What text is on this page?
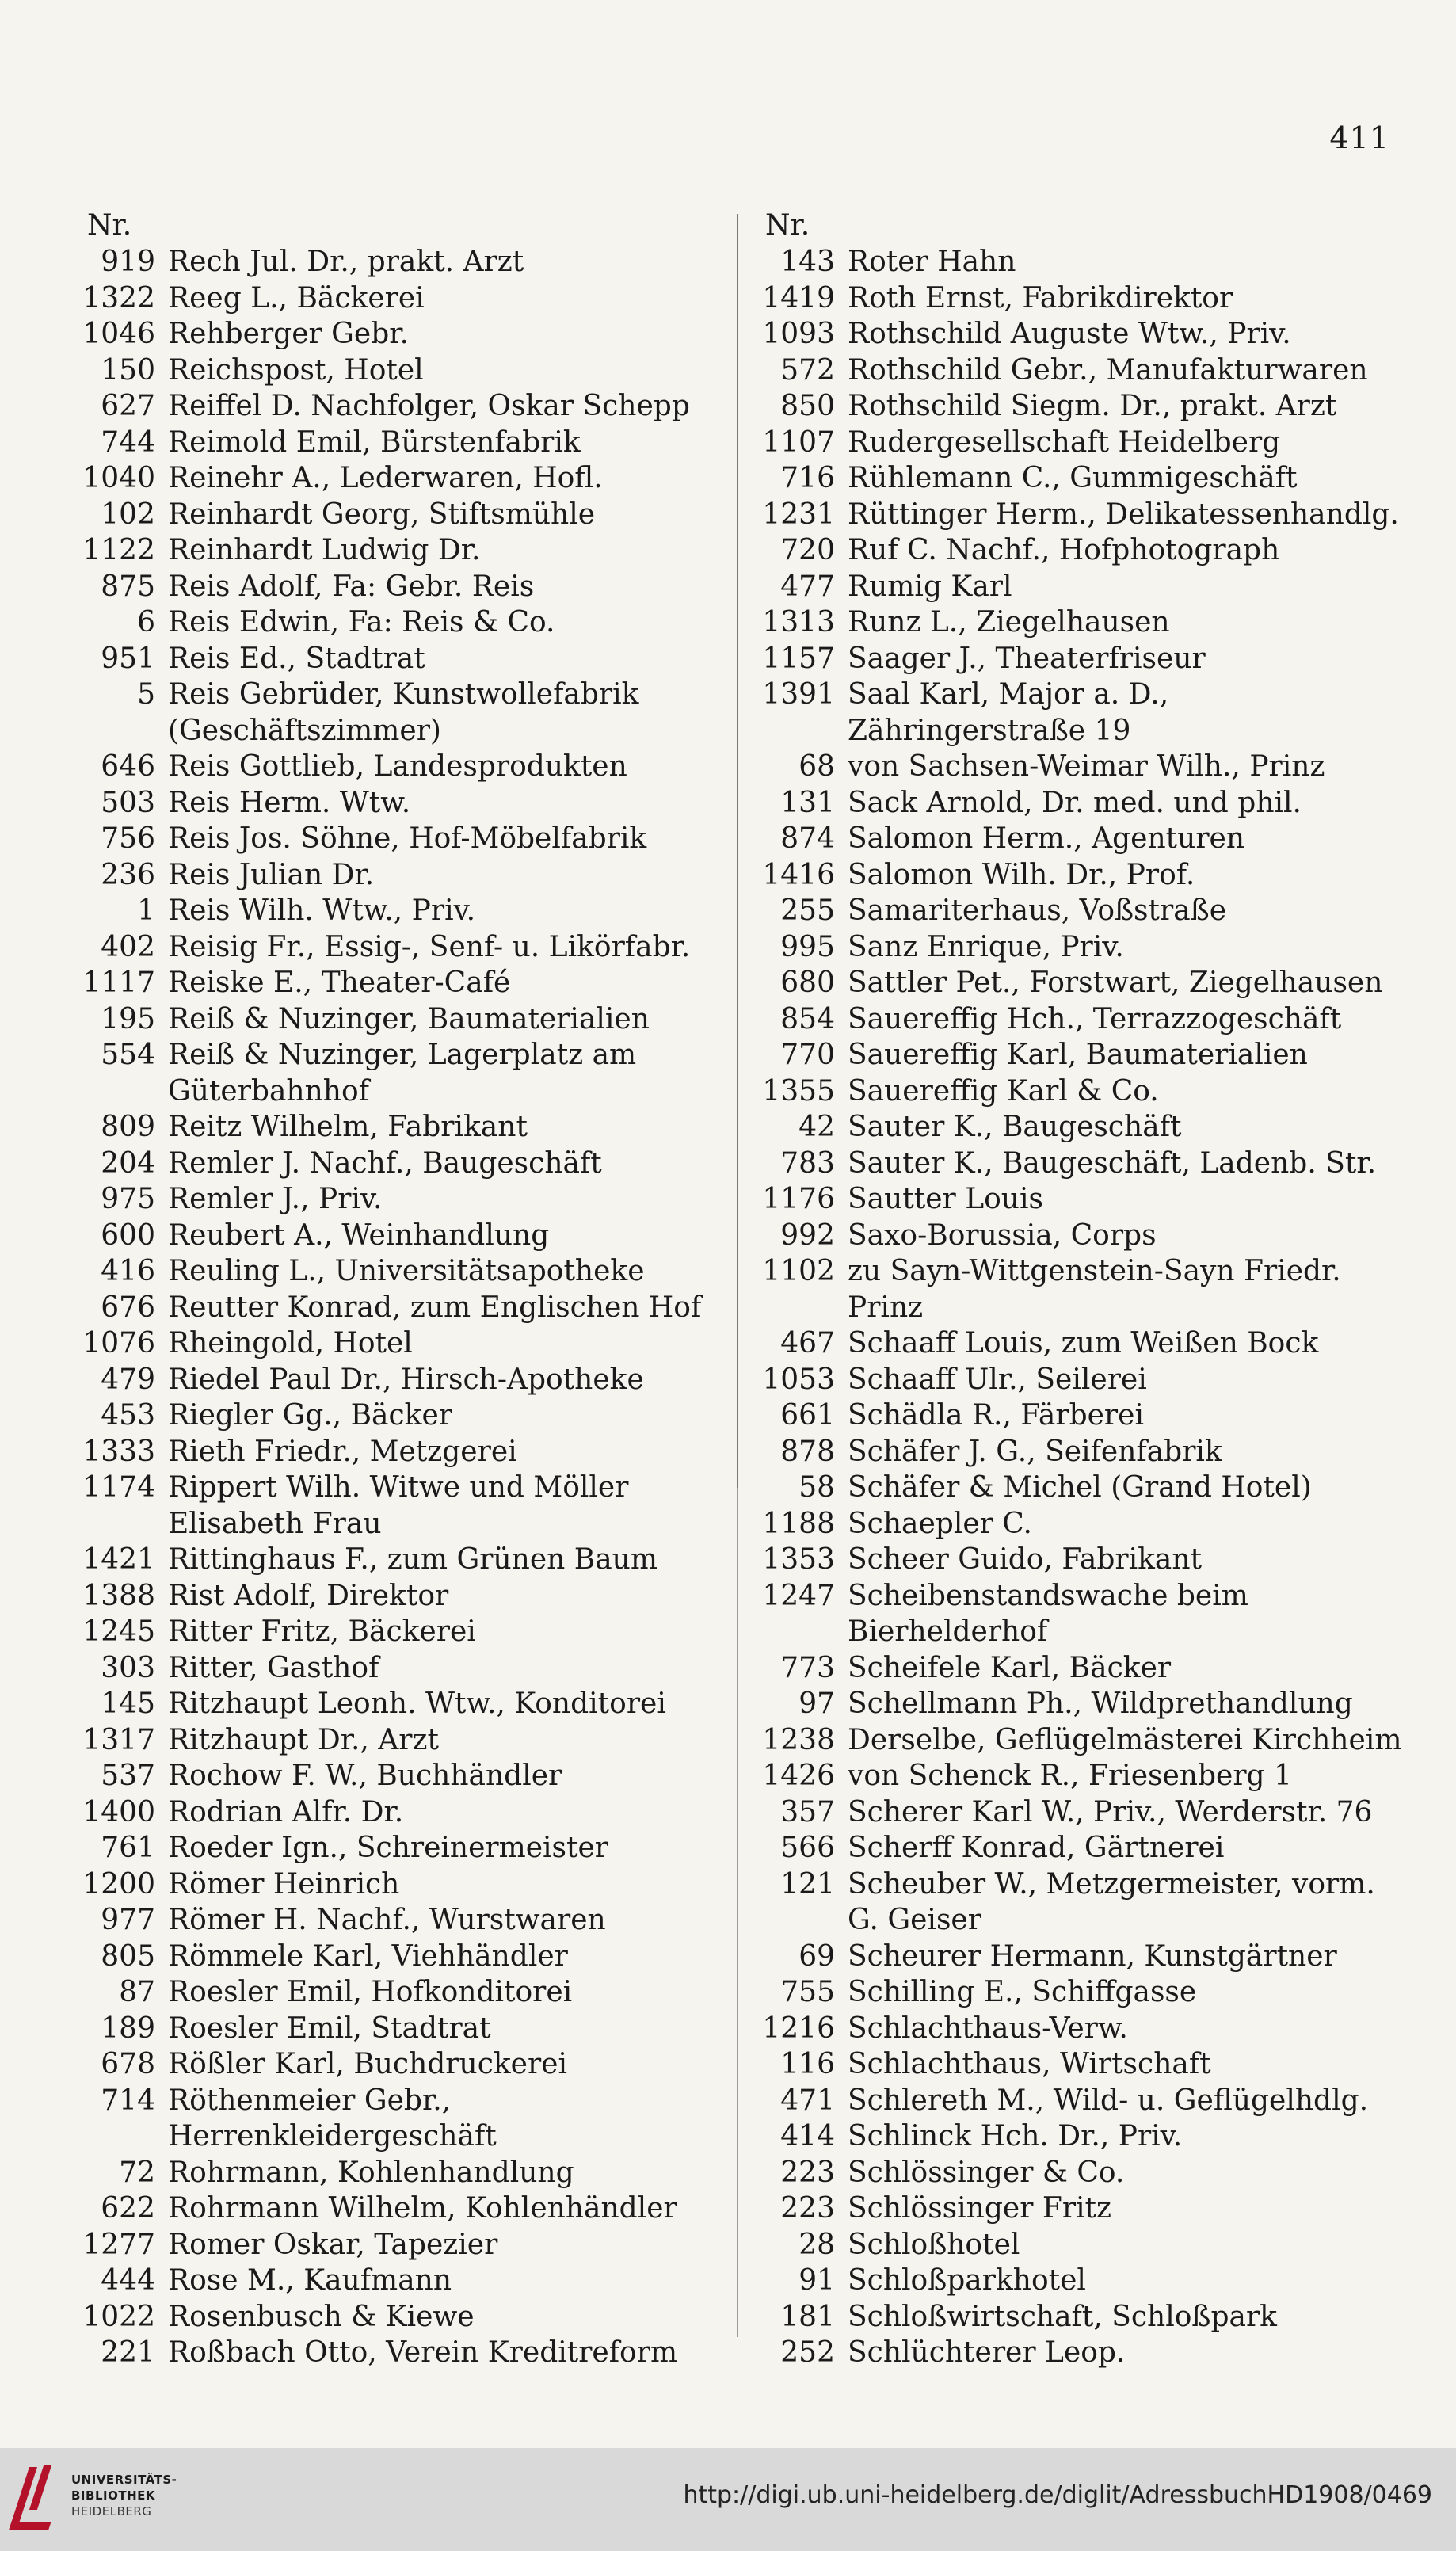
411
Nr.
919 Rech Jul. Dr., prakt. Arzt
1322 Reeg L., Bäckerei
1046 Rehberger Gebr.
150 Reichspost, Hotel
627 Reiffel D. Nachfolger, Oskar Schepp
744 Reimold Emil, Bürstenfabrik
1040 Reinehr A., Lederwaren, Hofl.
102 Reinhardt Georg, Stiftsmühle
1122 Reinhardt Ludwig Dr.
875 Reis Adolf, Fa: Gebr. Reis
6 Reis Edwin, Fa: Reis & Co.
951 Reis Ed., Stadtrat
5 Reis Gebrüder, Kunstwollefabrik (Geschäftszimmer)
646 Reis Gottlieb, Landesprodukten
503 Reis Herm. Wtw.
756 Reis Jos. Söhne, Hof-Möbelfabrik
236 Reis Julian Dr.
1 Reis Wilh. Wtw., Priv.
402 Reisig Fr., Essig-, Senf- u. Likörfabr.
1117 Reiske E., Theater-Café
195 Reiß & Nuzinger, Baumaterialien
554 Reiß & Nuzinger, Lagerplatz am Güterbahnhof
809 Reitz Wilhelm, Fabrikant
204 Remler J. Nachf., Baugeschäft
975 Remler J., Priv.
600 Reubert A., Weinhandlung
416 Reuling L., Universitätsapotheke
676 Reutter Konrad, zum Englischen Hof
1076 Rheingold, Hotel
479 Riedel Paul Dr., Hirsch-Apotheke
453 Riegler Gg., Bäcker
1333 Rieth Friedr., Metzgerei
1174 Rippert Wilh. Witwe und Möller Elisabeth Frau
1421 Rittinghaus F., zum Grünen Baum
1388 Rist Adolf, Direktor
1245 Ritter Fritz, Bäckerei
303 Ritter, Gasthof
145 Ritzhaupt Leonh. Wtw., Konditorei
1317 Ritzhaupt Dr., Arzt
537 Rochow F. W., Buchhändler
1400 Rodrian Alfr. Dr.
761 Roeder Ign., Schreinermeister
1200 Römer Heinrich
977 Römer H. Nachf., Wurstwaren
805 Römmele Karl, Viehhändler
87 Roesler Emil, Hofkonditorei
189 Roesler Emil, Stadtrat
678 Rößler Karl, Buchdruckerei
714 Röthenmeier Gebr., Herrenkleidergeschäft
72 Rohrmann, Kohlenhandlung
622 Rohrmann Wilhelm, Kohlenhändler
1277 Romer Oskar, Tapezier
444 Rose M., Kaufmann
1022 Rosenbusch & Kiewe
221 Roßbach Otto, Verein Kreditreform
Nr.
143 Roter Hahn
1419 Roth Ernst, Fabrikdirektor
1093 Rothschild Auguste Wtw., Priv.
572 Rothschild Gebr., Manufakturwaren
850 Rothschild Siegm. Dr., prakt. Arzt
1107 Rudergesellschaft Heidelberg
716 Rühlemann C., Gummigeschäft
1231 Rüttinger Herm., Delikatessenhandlg.
720 Ruf C. Nachf., Hofphotograph
477 Rumig Karl
1313 Runz L., Ziegelhausen
1157 Saager J., Theaterfriseur
1391 Saal Karl, Major a. D., Zähringerstraße 19
68 von Sachsen-Weimar Wilh., Prinz
131 Sack Arnold, Dr. med. und phil.
874 Salomon Herm., Agenturen
1416 Salomon Wilh. Dr., Prof.
255 Samariterhaus, Voßstraße
995 Sanz Enrique, Priv.
680 Sattler Pet., Forstwart, Ziegelhausen
854 Sauereffig Hch., Terrazzogeschäft
770 Sauereffig Karl, Baumaterialien
1355 Sauereffig Karl & Co.
42 Sauter K., Baugeschäft
783 Sauter K., Baugeschäft, Ladenb. Str.
1176 Sautter Louis
992 Saxo-Borussia, Corps
1102 zu Sayn-Wittgenstein-Sayn Friedr. Prinz
467 Schaaff Louis, zum Weißen Bock
1053 Schaaff Ulr., Seilerei
661 Schädla R., Färberei
878 Schäfer J. G., Seifenfabrik
58 Schäfer & Michel (Grand Hotel)
1188 Schaepler C.
1353 Scheer Guido, Fabrikant
1247 Scheibenstandswache beim Bierhelderhof
773 Scheifele Karl, Bäcker
97 Schellmann Ph., Wildprethandlung
1238 Derselbe, Geflügelmästerei Kirchheim
1426 von Schenck R., Friesenberg 1
357 Scherer Karl W., Priv., Werderstr. 76
566 Scherff Konrad, Gärtnerei
121 Scheuber W., Metzgermeister, vorm. G. Geiser
69 Scheurer Hermann, Kunstgärtner
755 Schilling E., Schiffgasse
1216 Schlachthaus-Verw.
116 Schlachthaus, Wirtschaft
471 Schlereth M., Wild- u. Geflügelhdlg.
414 Schlinck Hch. Dr., Priv.
223 Schlössinger & Co.
223 Schlössinger Fritz
28 Schloßhotel
91 Schloßparkhotel
181 Schloßwirtschaft, Schloßpark
252 Schlüchterer Leop.
UNIVERSITÄTS-
BIBLIOTHEK
HEIDELBERG
http://digi.ub.uni-heidelberg.de/diglit/AdressbuchHD1908/0469
